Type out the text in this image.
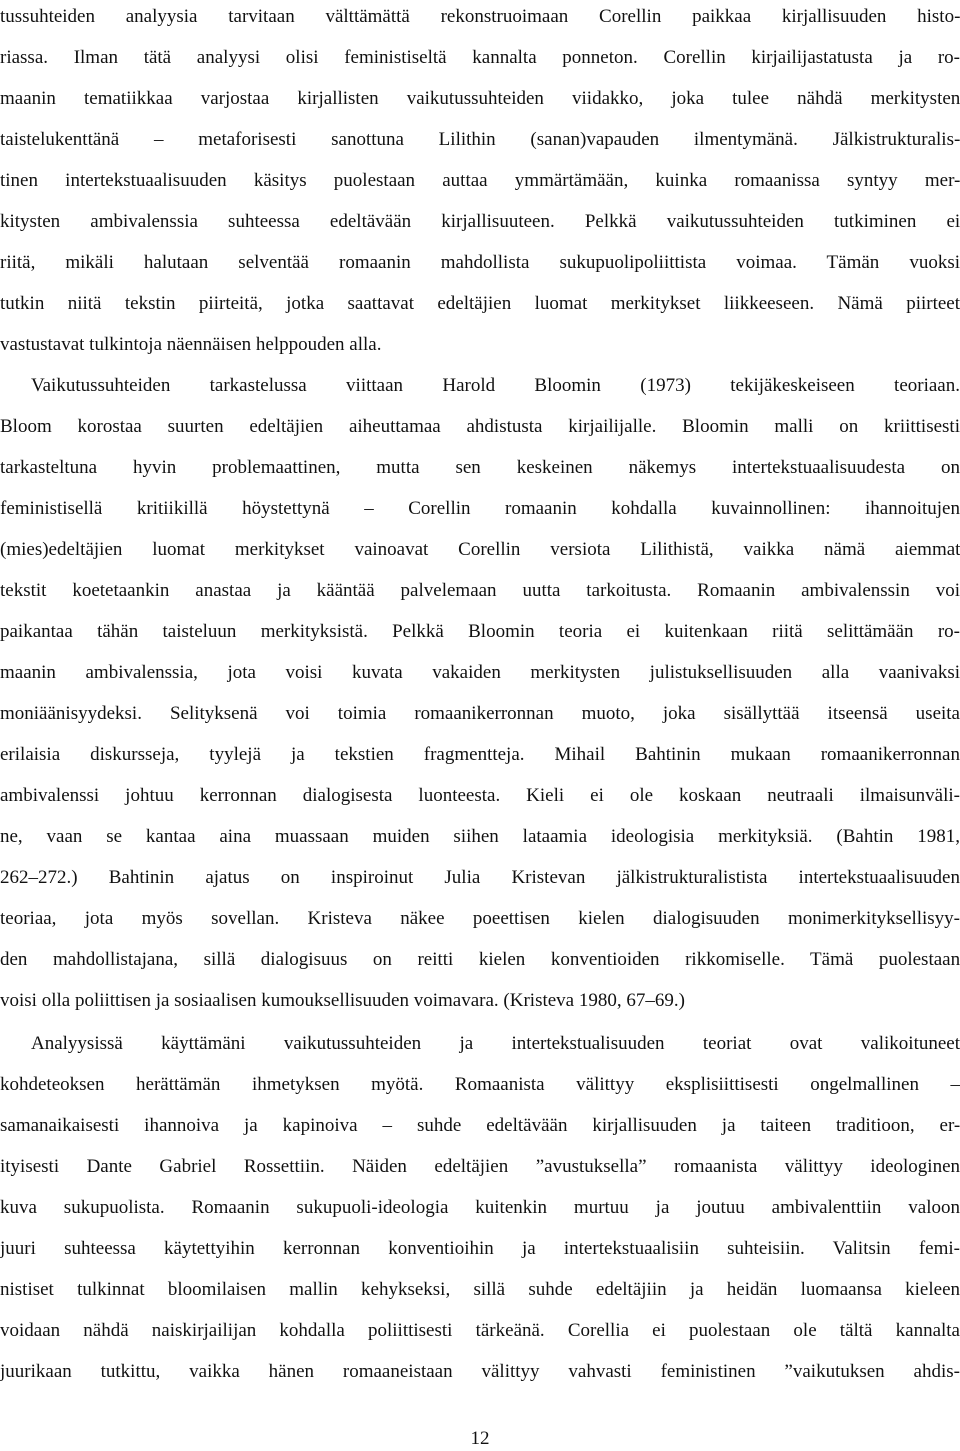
tussuhteiden analyysia tarvitaan välttämättä rekonstruoimaan Corellin paikkaa kirjallisuuden histo-
riassa. Ilman tätä analyysi olisi feministiseltä kannalta ponneton. Corellin kirjailijastatusta ja ro-
maanin tematiikkaa varjostaa kirjallisten vaikutussuhteiden viidakko, joka tulee nähdä merkitysten
taistelukenttänä – metaforisesti sanottuna Lilithin (sanan)vapauden ilmentymänä. Jälkistrukturalis-
tinen intertekstuaalisuuden käsitys puolestaan auttaa ymmärtämään, kuinka romaanissa syntyy mer-
kitysten ambivalenssia suhteessa edeltävään kirjallisuuteen. Pelkkä vaikutussuhteiden tutkiminen ei
riitä, mikäli halutaan selventää romaanin mahdollista sukupuolipoliittista voimaa. Tämän vuoksi
tutkin niitä tekstin piirteitä, jotka saattavat edeltäjien luomat merkitykset liikkeeseen. Nämä piirteet
vastustavat tulkintoja näennäisen helppouden alla.
Vaikutussuhteiden tarkastelussa viittaan Harold Bloomin (1973) tekijäkeskeiseen teoriaan.
Bloom korostaa suurten edeltäjien aiheuttamaa ahdistusta kirjailijalle. Bloomin malli on kriittisesti
tarkasteltuna hyvin problemaattinen, mutta sen keskeinen näkemys intertekstuaalisuudesta on
feministisellä kritiikillä höystettynä – Corellin romaanin kohdalla kuvainnollinen: ihannoitujen
(mies)edeltäjien luomat merkitykset vainoavat Corellin versiota Lilithistä, vaikka nämä aiemmat
tekstit koetetaankin anastaa ja kääntää palvelemaan uutta tarkoitusta. Romaanin ambivalenssin voi
paikantaa tähän taisteluun merkityksistä. Pelkkä Bloomin teoria ei kuitenkaan riitä selittämään ro-
maanin ambivalenssia, jota voisi kuvata vakaiden merkitysten julistuksellisuuden alla vaanivaksi
moniäänisyydeksi. Selityksenä voi toimia romaanikerronnan muoto, joka sisällyttää itseensä useita
erilaisia diskursseja, tyylejä ja tekstien fragmentteja. Mihail Bahtinin mukaan romaanikerronnan
ambivalenssi johtuu kerronnan dialogisesta luonteesta. Kieli ei ole koskaan neutraali ilmaisunväli-
ne, vaan se kantaa aina muassaan muiden siihen lataamia ideologisia merkityksiä. (Bahtin 1981,
262–272.) Bahtinin ajatus on inspiroinut Julia Kristevan jälkistrukturalistista intertekstuaalisuuden
teoriaa, jota myös sovellan. Kristeva näkee poeettisen kielen dialogisuuden monimerkityksellisyy-
den mahdollistajana, sillä dialogisuus on reitti kielen konventioiden rikkomiselle. Tämä puolestaan
voisi olla poliittisen ja sosiaalisen kumouksellisuuden voimavara. (Kristeva 1980, 67–69.)
Analyysissä käyttämäni vaikutussuhteiden ja intertekstualisuuden teoriat ovat valikoituneet
kohdeteoksen herättämän ihmetyksen myötä. Romaanista välittyy eksplisiittisesti ongelmallinen –
samanaikaisesti ihannoiva ja kapinoiva – suhde edeltävään kirjallisuuden ja taiteen traditioon, er-
ityisesti Dante Gabriel Rossettiin. Näiden edeltäjien ”avustuksella” romaanista välittyy ideologinen
kuva sukupuolista. Romaanin sukupuoli-ideologia kuitenkin murtuu ja joutuu ambivalenttiin valoon
juuri suhteessa käytettyihin kerronnan konventioihin ja intertekstuaalisiin suhteisiin. Valitsin femi-
nistiset tulkinnat bloomilaisen mallin kehykseksi, sillä suhde edeltäjiin ja heidän luomaansa kieleen
voidaan nähdä naiskirjailijan kohdalla poliittisesti tärkeänä. Corellia ei puolestaan ole tältä kannalta
juurikaan tutkittu, vaikka hänen romaaneistaan välittyy vahvasti feministinen ”vaikutuksen ahdis-
12
